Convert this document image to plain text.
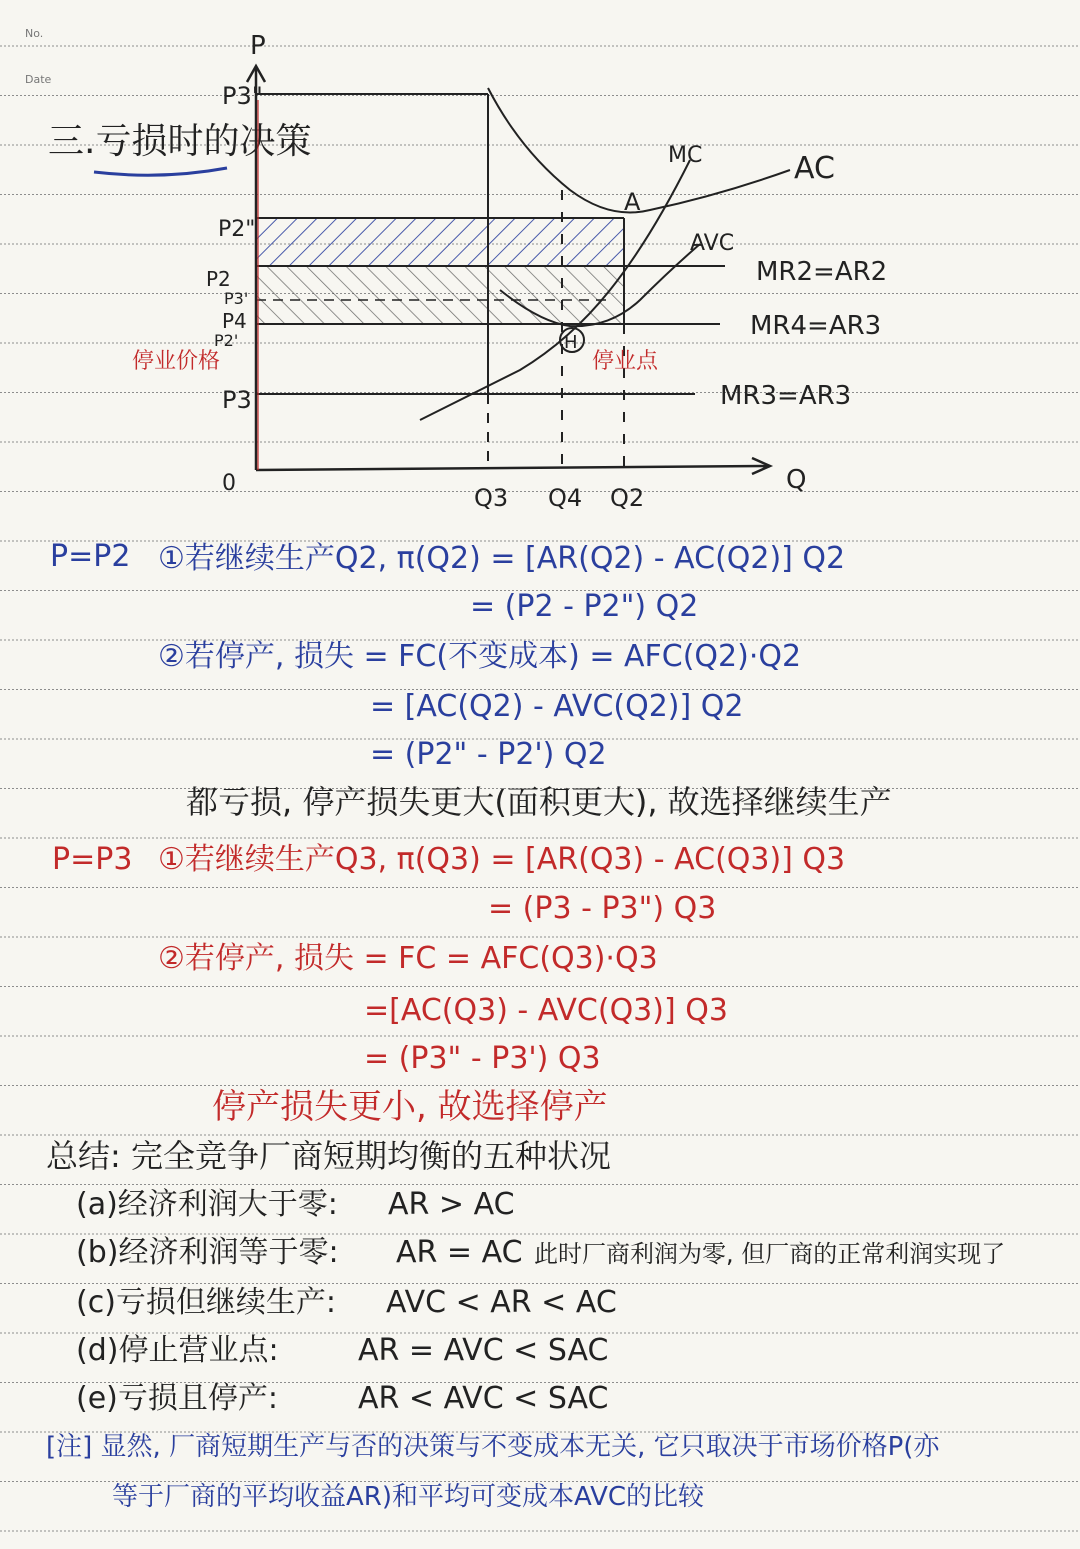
No.
Date
三.亏损时的决策
P
Q
0
P3"
P2"
P2
P3'
P4
P2'
P3
Q3 Q4 Q2
MC	AC
AVC
A
H
MR2=AR2
MR4=AR3
MR3=AR3
停业价格	停业点
P=P2 ①若继续生产Q2, π(Q2) = [AR(Q2) - AC(Q2)] Q2
= (P2 - P2") Q2
②若停产, 损失 = FC(不变成本) = AFC(Q2)·Q2
= [AC(Q2) - AVC(Q2)] Q2
= (P2" - P2') Q2
都亏损, 停产损失更大(面积更大), 故选择继续生产
P=P3 ①若继续生产Q3, π(Q3) = [AR(Q3) - AC(Q3)] Q3
= (P3 - P3") Q3
②若停产, 损失 = FC = AFC(Q3)·Q3
=[AC(Q3) - AVC(Q3)] Q3
= (P3" - P3') Q3
停产损失更小, 故选择停产
总结: 完全竞争厂商短期均衡的五种状况
(a)经济利润大于零: AR > AC
(b)经济利润等于零: AR = AC 此时厂商利润为零, 但厂商的正常利润实现了
(c)亏损但继续生产: AVC < AR < AC
(d)停止营业点:	AR = AVC < SAC
(e)亏损且停产:	AR < AVC < SAC
[注] 显然, 厂商短期生产与否的决策与不变成本无关, 它只取决于市场价格P(亦
等于厂商的平均收益AR)和平均可变成本AVC的比较
